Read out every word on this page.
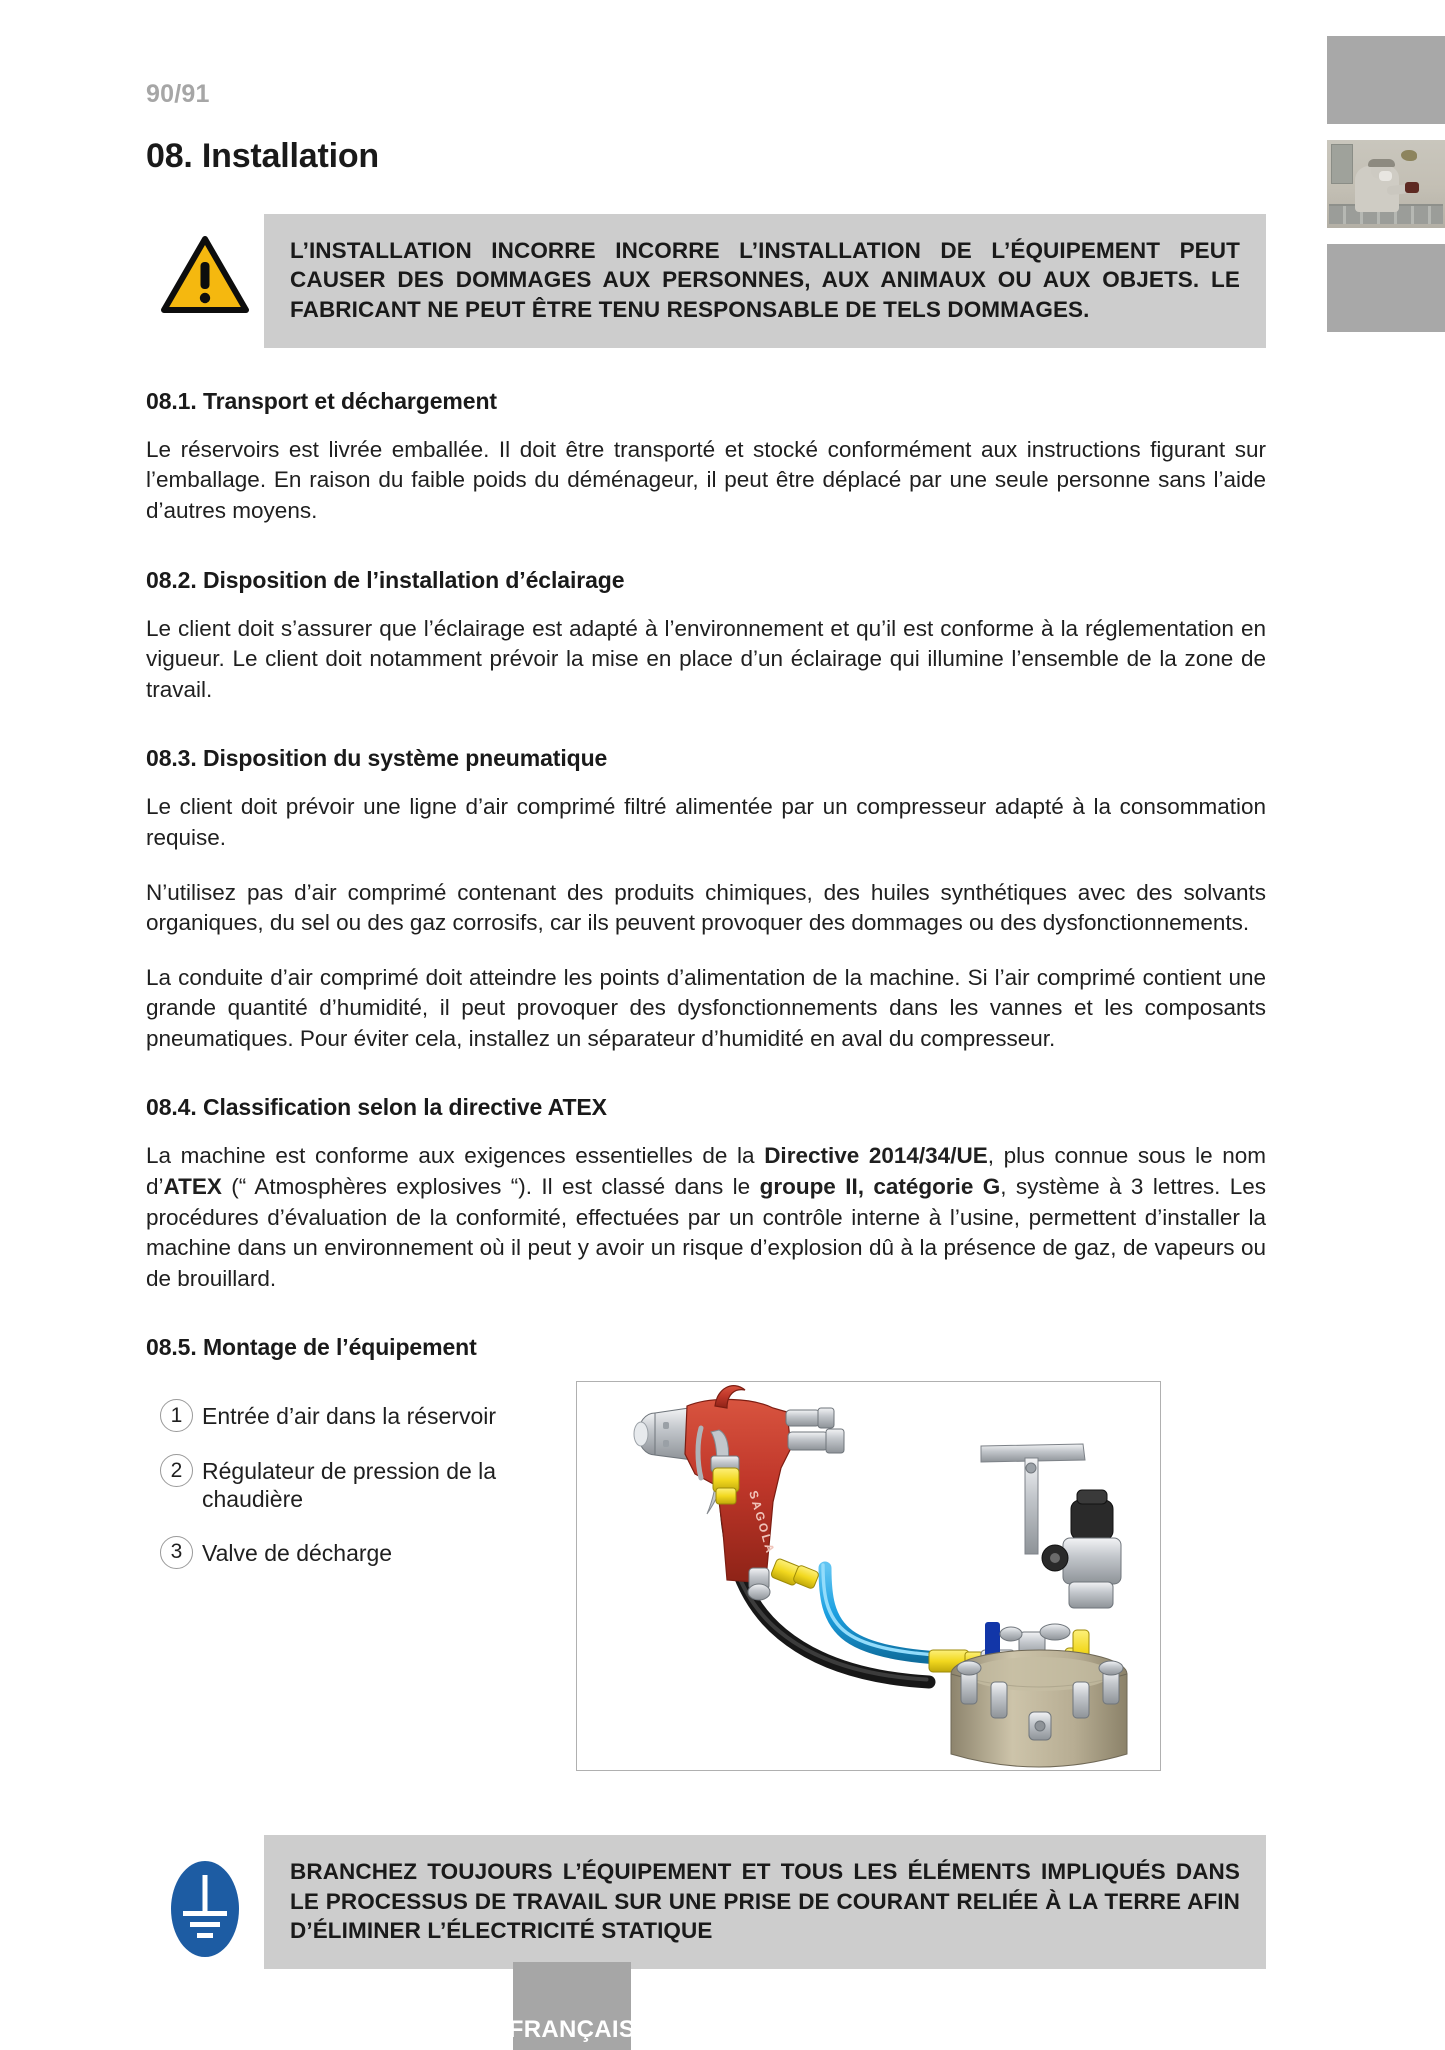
90/91
08. Installation

L’INSTALLATION INCORRE INCORRE L’INSTALLATION DE L’ÉQUIPEMENT PEUT CAUSER DES DOMMAGES AUX PERSONNES, AUX ANIMAUX OU AUX OBJETS. LE FABRICANT NE PEUT ÊTRE TENU RESPONSABLE DE TELS DOMMAGES.

08.1. Transport et déchargement

Le réservoirs est livrée emballée. Il doit être transporté et stocké conformément aux instructions figurant sur l’emballage. En raison du faible poids du déménageur, il peut être déplacé par une seule personne sans l’aide d’autres moyens.

08.2. Disposition de l’installation d’éclairage

Le client doit s’assurer que l’éclairage est adapté à l’environnement et qu’il est conforme à la réglementation en vigueur. Le client doit notamment prévoir la mise en place d’un éclairage qui illumine l’ensemble de la zone de travail.

08.3. Disposition du système pneumatique

Le client doit prévoir une ligne d’air comprimé filtré alimentée par un compresseur adapté à la consommation requise.

N’utilisez pas d’air comprimé contenant des produits chimiques, des huiles synthétiques avec des solvants organiques, du sel ou des gaz corrosifs, car ils peuvent provoquer des dommages ou des dysfonctionnements.

La conduite d’air comprimé doit atteindre les points d’alimentation de la machine. Si l’air comprimé contient une grande quantité d’humidité, il peut provoquer des dysfonctionnements dans les vannes et les composants pneumatiques. Pour éviter cela, installez un séparateur d’humidité en aval du compresseur.

08.4. Classification selon la directive ATEX

La machine est conforme aux exigences essentielles de la Directive 2014/34/UE, plus connue sous le nom d’ATEX (“ Atmosphères explosives “). Il est classé dans le groupe II, catégorie G, système à 3 lettres. Les procédures d’évaluation de la conformité, effectuées par un contrôle interne à l’usine, permettent d’installer la machine dans un environnement où il peut y avoir un risque d’explosion dû à la présence de gaz, de vapeurs ou de brouillard.

08.5. Montage de l’équipement
1 Entrée d’air dans la réservoir
2 Régulateur de pression de la chaudière
3 Valve de décharge	SAGOLA

BRANCHEZ TOUJOURS L’ÉQUIPEMENT ET TOUS LES ÉLÉMENTS IMPLIQUÉS DANS LE PROCESSUS DE TRAVAIL SUR UNE PRISE DE COURANT RELIÉE À LA TERRE AFIN D’ÉLIMINER L’ÉLECTRICITÉ STATIQUE

FRANÇAIS
